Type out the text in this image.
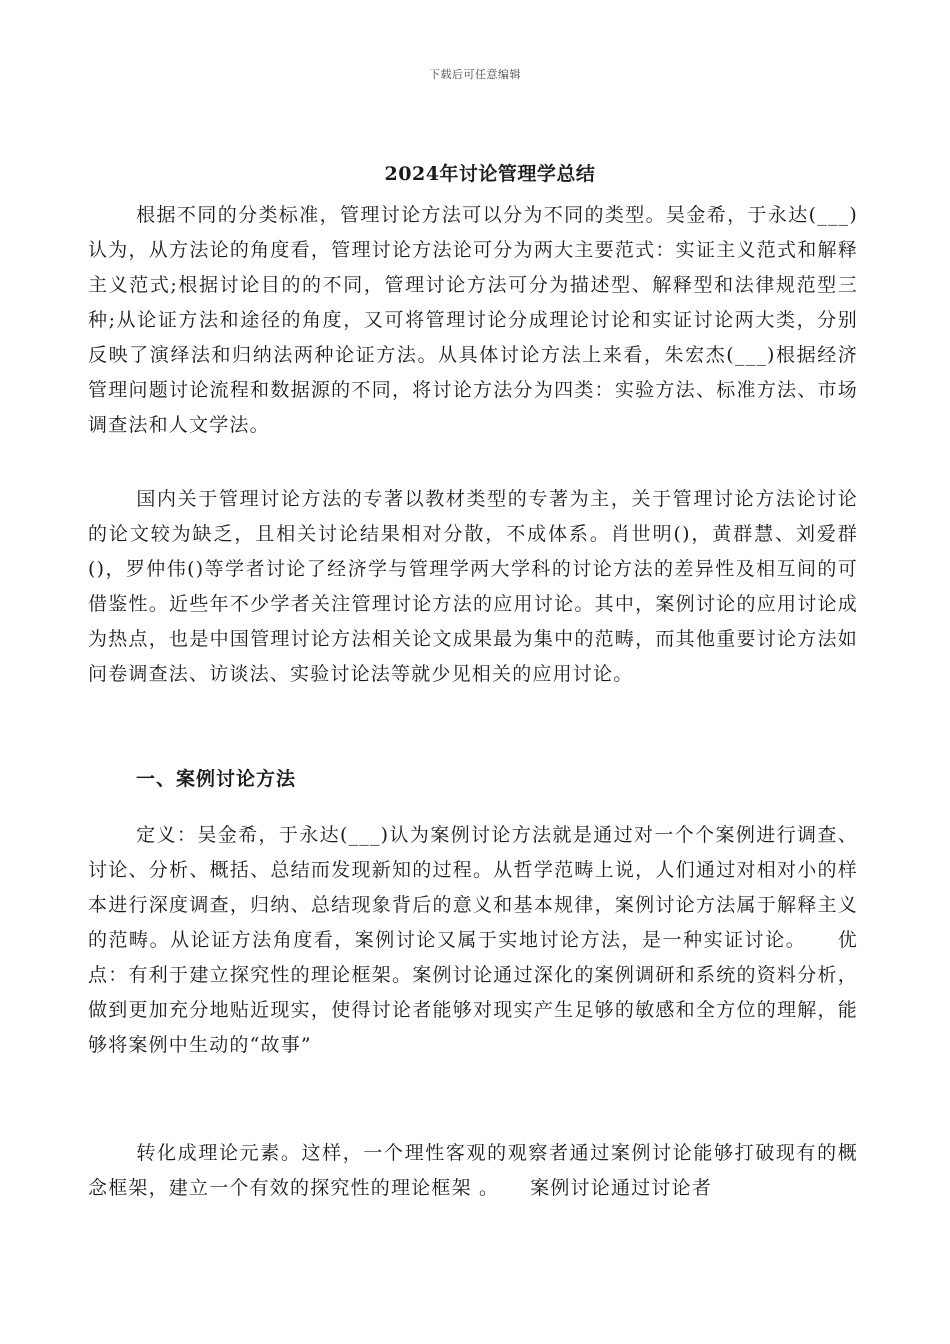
下载后可任意编辑
2024年讨论管理学总结

根据不同的分类标准，管理讨论方法可以分为不同的类型。吴金希，于永达(___)认为，从方法论的角度看，管理讨论方法论可分为两大主要范式：实证主义范式和解释主义范式;根据讨论目的的不同，管理讨论方法可分为描述型、解释型和法律规范型三种;从论证方法和途径的角度，又可将管理讨论分成理论讨论和实证讨论两大类，分别反映了演绎法和归纳法两种论证方法。从具体讨论方法上来看，朱宏杰(___)根据经济管理问题讨论流程和数据源的不同，将讨论方法分为四类：实验方法、标准方法、市场调查法和人文学法。

国内关于管理讨论方法的专著以教材类型的专著为主，关于管理讨论方法论讨论的论文较为缺乏，且相关讨论结果相对分散，不成体系。肖世明()，黄群慧、刘爱群()，罗仲伟()等学者讨论了经济学与管理学两大学科的讨论方法的差异性及相互间的可借鉴性。近些年不少学者关注管理讨论方法的应用讨论。其中，案例讨论的应用讨论成为热点，也是中国管理讨论方法相关论文成果最为集中的范畴，而其他重要讨论方法如问卷调查法、访谈法、实验讨论法等就少见相关的应用讨论。

一、案例讨论方法

定义：吴金希，于永达(___)认为案例讨论方法就是通过对一个个案例进行调查、讨论、分析、概括、总结而发现新知的过程。从哲学范畴上说，人们通过对相对小的样本进行深度调查，归纳、总结现象背后的意义和基本规律，案例讨论方法属于解释主义的范畴。从论证方法角度看，案例讨论又属于实地讨论方法，是一种实证讨论。　　优点：有利于建立探究性的理论框架。案例讨论通过深化的案例调研和系统的资料分析，做到更加充分地贴近现实，使得讨论者能够对现实产生足够的敏感和全方位的理解，能够将案例中生动的“故事”

转化成理论元素。这样，一个理性客观的观察者通过案例讨论能够打破现有的概念框架，建立一个有效的探究性的理论框架 。　　案例讨论通过讨论者
